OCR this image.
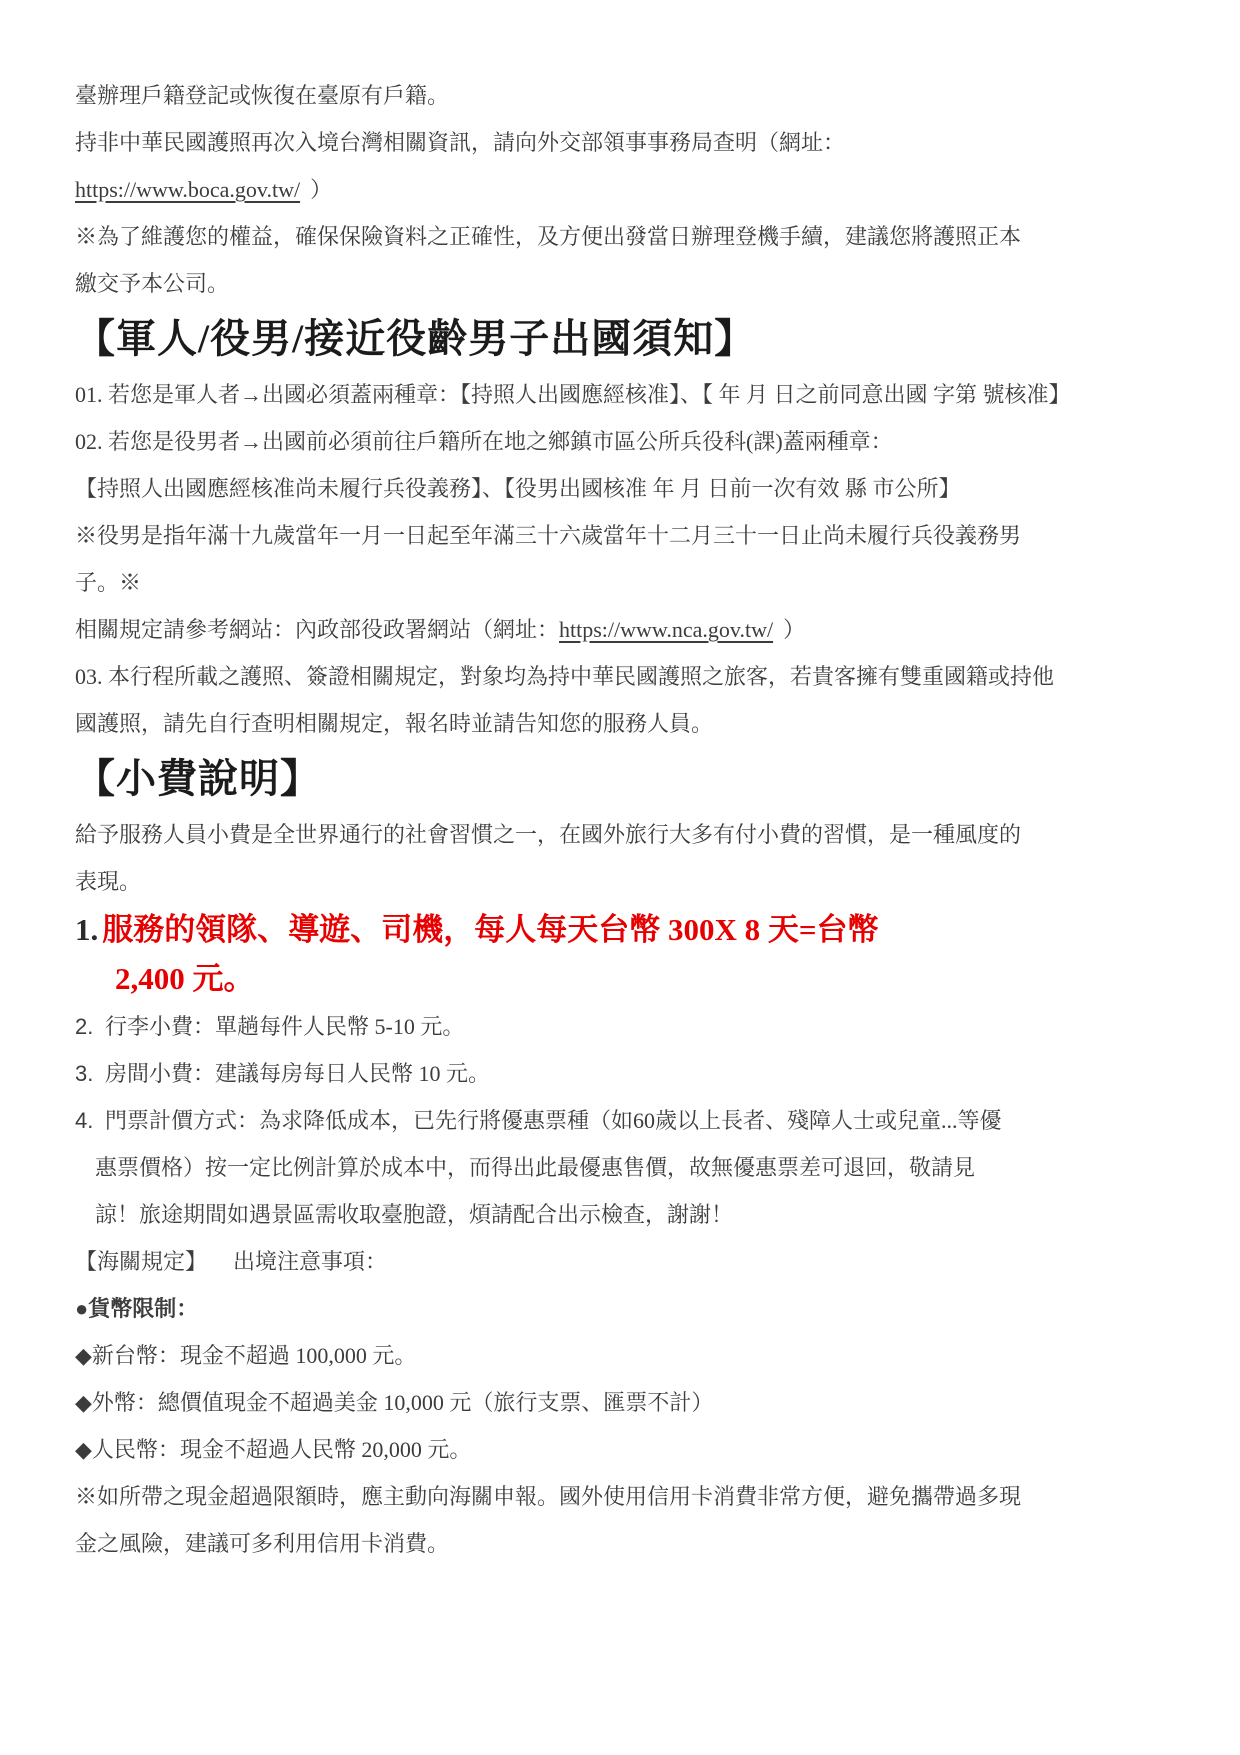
臺辦理戶籍登記或恢復在臺原有戶籍。

持非中華民國護照再次入境台灣相關資訊，請向外交部領事事務局查明（網址：

https://www.boca.gov.tw/ ）

※為了維護您的權益，確保保險資料之正確性，及方便出發當日辦理登機手續，建議您將護照正本

繳交予本公司。

【軍人/役男/接近役齡男子出國須知】

01. 若您是軍人者→出國必須蓋兩種章：【持照人出國應經核准】、【 年 月 日之前同意出國 字第 號核准】

02. 若您是役男者→出國前必須前往戶籍所在地之鄉鎮市區公所兵役科(課)蓋兩種章：

【持照人出國應經核准尚未履行兵役義務】、【役男出國核准 年 月 日前一次有效 縣 市公所】

※役男是指年滿十九歲當年一月一日起至年滿三十六歲當年十二月三十一日止尚未履行兵役義務男

子。※

相關規定請參考網站：內政部役政署網站（網址：https://www.nca.gov.tw/ ）

03. 本行程所載之護照、簽證相關規定，對象均為持中華民國護照之旅客，若貴客擁有雙重國籍或持他

國護照，請先自行查明相關規定，報名時並請告知您的服務人員。

【小費說明】

給予服務人員小費是全世界通行的社會習慣之一，在國外旅行大多有付小費的習慣，是一種風度的

表現。

1. 服務的領隊、導遊、司機，每人每天台幣 300X 8 天=台幣

2,400 元。

2. 行李小費：單趟每件人民幣 5-10 元。

3. 房間小費：建議每房每日人民幣 10 元。

4. 門票計價方式：為求降低成本，已先行將優惠票種（如60歲以上長者、殘障人士或兒童...等優

惠票價格）按一定比例計算於成本中，而得出此最優惠售價，故無優惠票差可退回，敬請見

諒！旅途期間如遇景區需收取臺胞證，煩請配合出示檢查，謝謝！

【海關規定】 出境注意事項：

●貨幣限制：

◆新台幣：現金不超過 100,000 元。

◆外幣：總價值現金不超過美金 10,000 元（旅行支票、匯票不計）

◆人民幣：現金不超過人民幣 20,000 元。

※如所帶之現金超過限額時，應主動向海關申報。國外使用信用卡消費非常方便，避免攜帶過多現

金之風險，建議可多利用信用卡消費。
